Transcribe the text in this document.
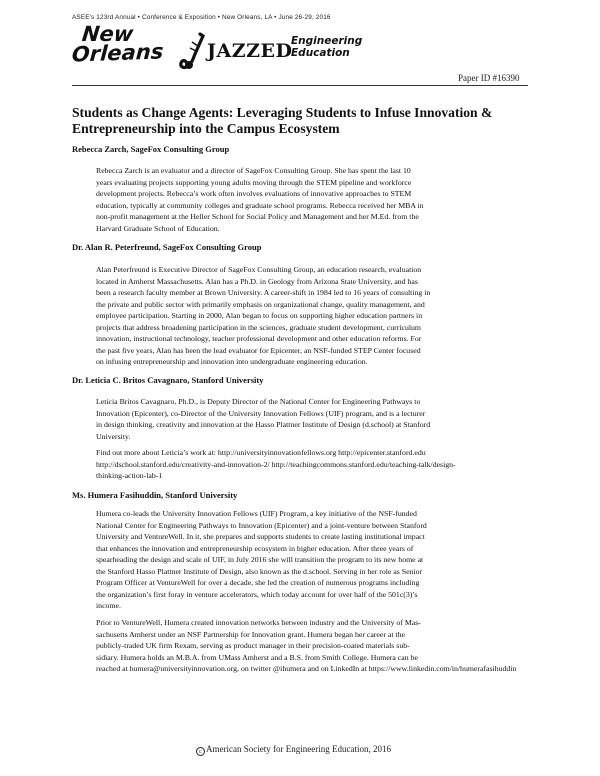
ASEE's 123rd Annual • Conference & Exposition • New Orleans, LA • June 26-29, 2016
New
Orleans JAZZED
Engineering
Education
Paper ID #16390
Students as Change Agents: Leveraging Students to Infuse Innovation & Entrepreneurship into the Campus Ecosystem
Rebecca Zarch, SageFox Consulting Group

Rebecca Zarch is an evaluator and a director of SageFox Consulting Group. She has spent the last 10

years evaluating projects supporting young adults moving through the STEM pipeline and workforce

development projects. Rebecca’s work often involves evaluations of innovative approaches to STEM

education, typically at community colleges and graduate school programs. Rebecca received her MBA in

non-profit management at the Heller School for Social Policy and Management and her M.Ed. from the

Harvard Graduate School of Education.

Dr. Alan R. Peterfreund, SageFox Consulting Group

Alan Peterfreund is Executive Director of SageFox Consulting Group, an education research, evaluation

located in Amherst Massachusetts. Alan has a Ph.D. in Geology from Arizona State University, and has

been a research faculty member at Brown University. A career-shift in 1984 led to 16 years of consulting in

the private and public sector with primarily emphasis on organizational change, quality management, and

employee participation. Starting in 2000, Alan began to focus on supporting higher education partners in

projects that address broadening participation in the sciences, graduate student development, curriculum

innovation, instructional technology, teacher professional development and other education reforms. For

the past five years, Alan has been the lead evaluator for Epicenter, an NSF-funded STEP Center focused

on infusing entrepreneurship and innovation into undergraduate engineering education.

Dr. Leticia C. Britos Cavagnaro, Stanford University

Leticia Britos Cavagnaro, Ph.D., is Deputy Director of the National Center for Engineering Pathways to

Innovation (Epicenter), co-Director of the University Innovation Fellows (UIF) program, and is a lecturer

in design thinking, creativity and innovation at the Hasso Plattner Institute of Design (d.school) at Stanford

University.

Find out more about Leticia’s work at: http://universityinnovationfellows.org http://epicenter.stanford.edu

http://dschool.stanford.edu/creativity-and-innovation-2/ http://teachingcommons.stanford.edu/teaching-talk/design-

thinking-action-lab-1

Ms. Humera Fasihuddin, Stanford University

Humera co-leads the University Innovation Fellows (UIF) Program, a key initiative of the NSF-funded

National Center for Engineering Pathways to Innovation (Epicenter) and a joint-venture between Stanford

University and VentureWell. In it, she prepares and supports students to create lasting institutional impact

that enhances the innovation and entrepreneurship ecosystem in higher education. After three years of

spearheading the design and scale of UIF, in July 2016 she will transition the program to its new home at

the Stanford Hasso Plattner Institute of Design, also known as the d.school. Serving in her role as Senior

Program Officer at VentureWell for over a decade, she led the creation of numerous programs including

the organization’s first foray in venture accelerators, which today account for over half of the 501c(3)’s

income.

Prior to VentureWell, Humera created innovation networks between industry and the University of Mas-

sachusetts Amherst under an NSF Partnership for Innovation grant. Humera began her career at the

publicly-traded UK firm Rexam, serving as product manager in their precision-coated materials sub-

sidiary. Humera holds an M.B.A. from UMass Amherst and a B.S. from Smith College. Humera can be

reached at humera@universityinnovation.org, on twitter @ihumera and on LinkedIn at https://www.linkedin.com/in/humerafasihuddin

c American Society for Engineering Education, 2016
